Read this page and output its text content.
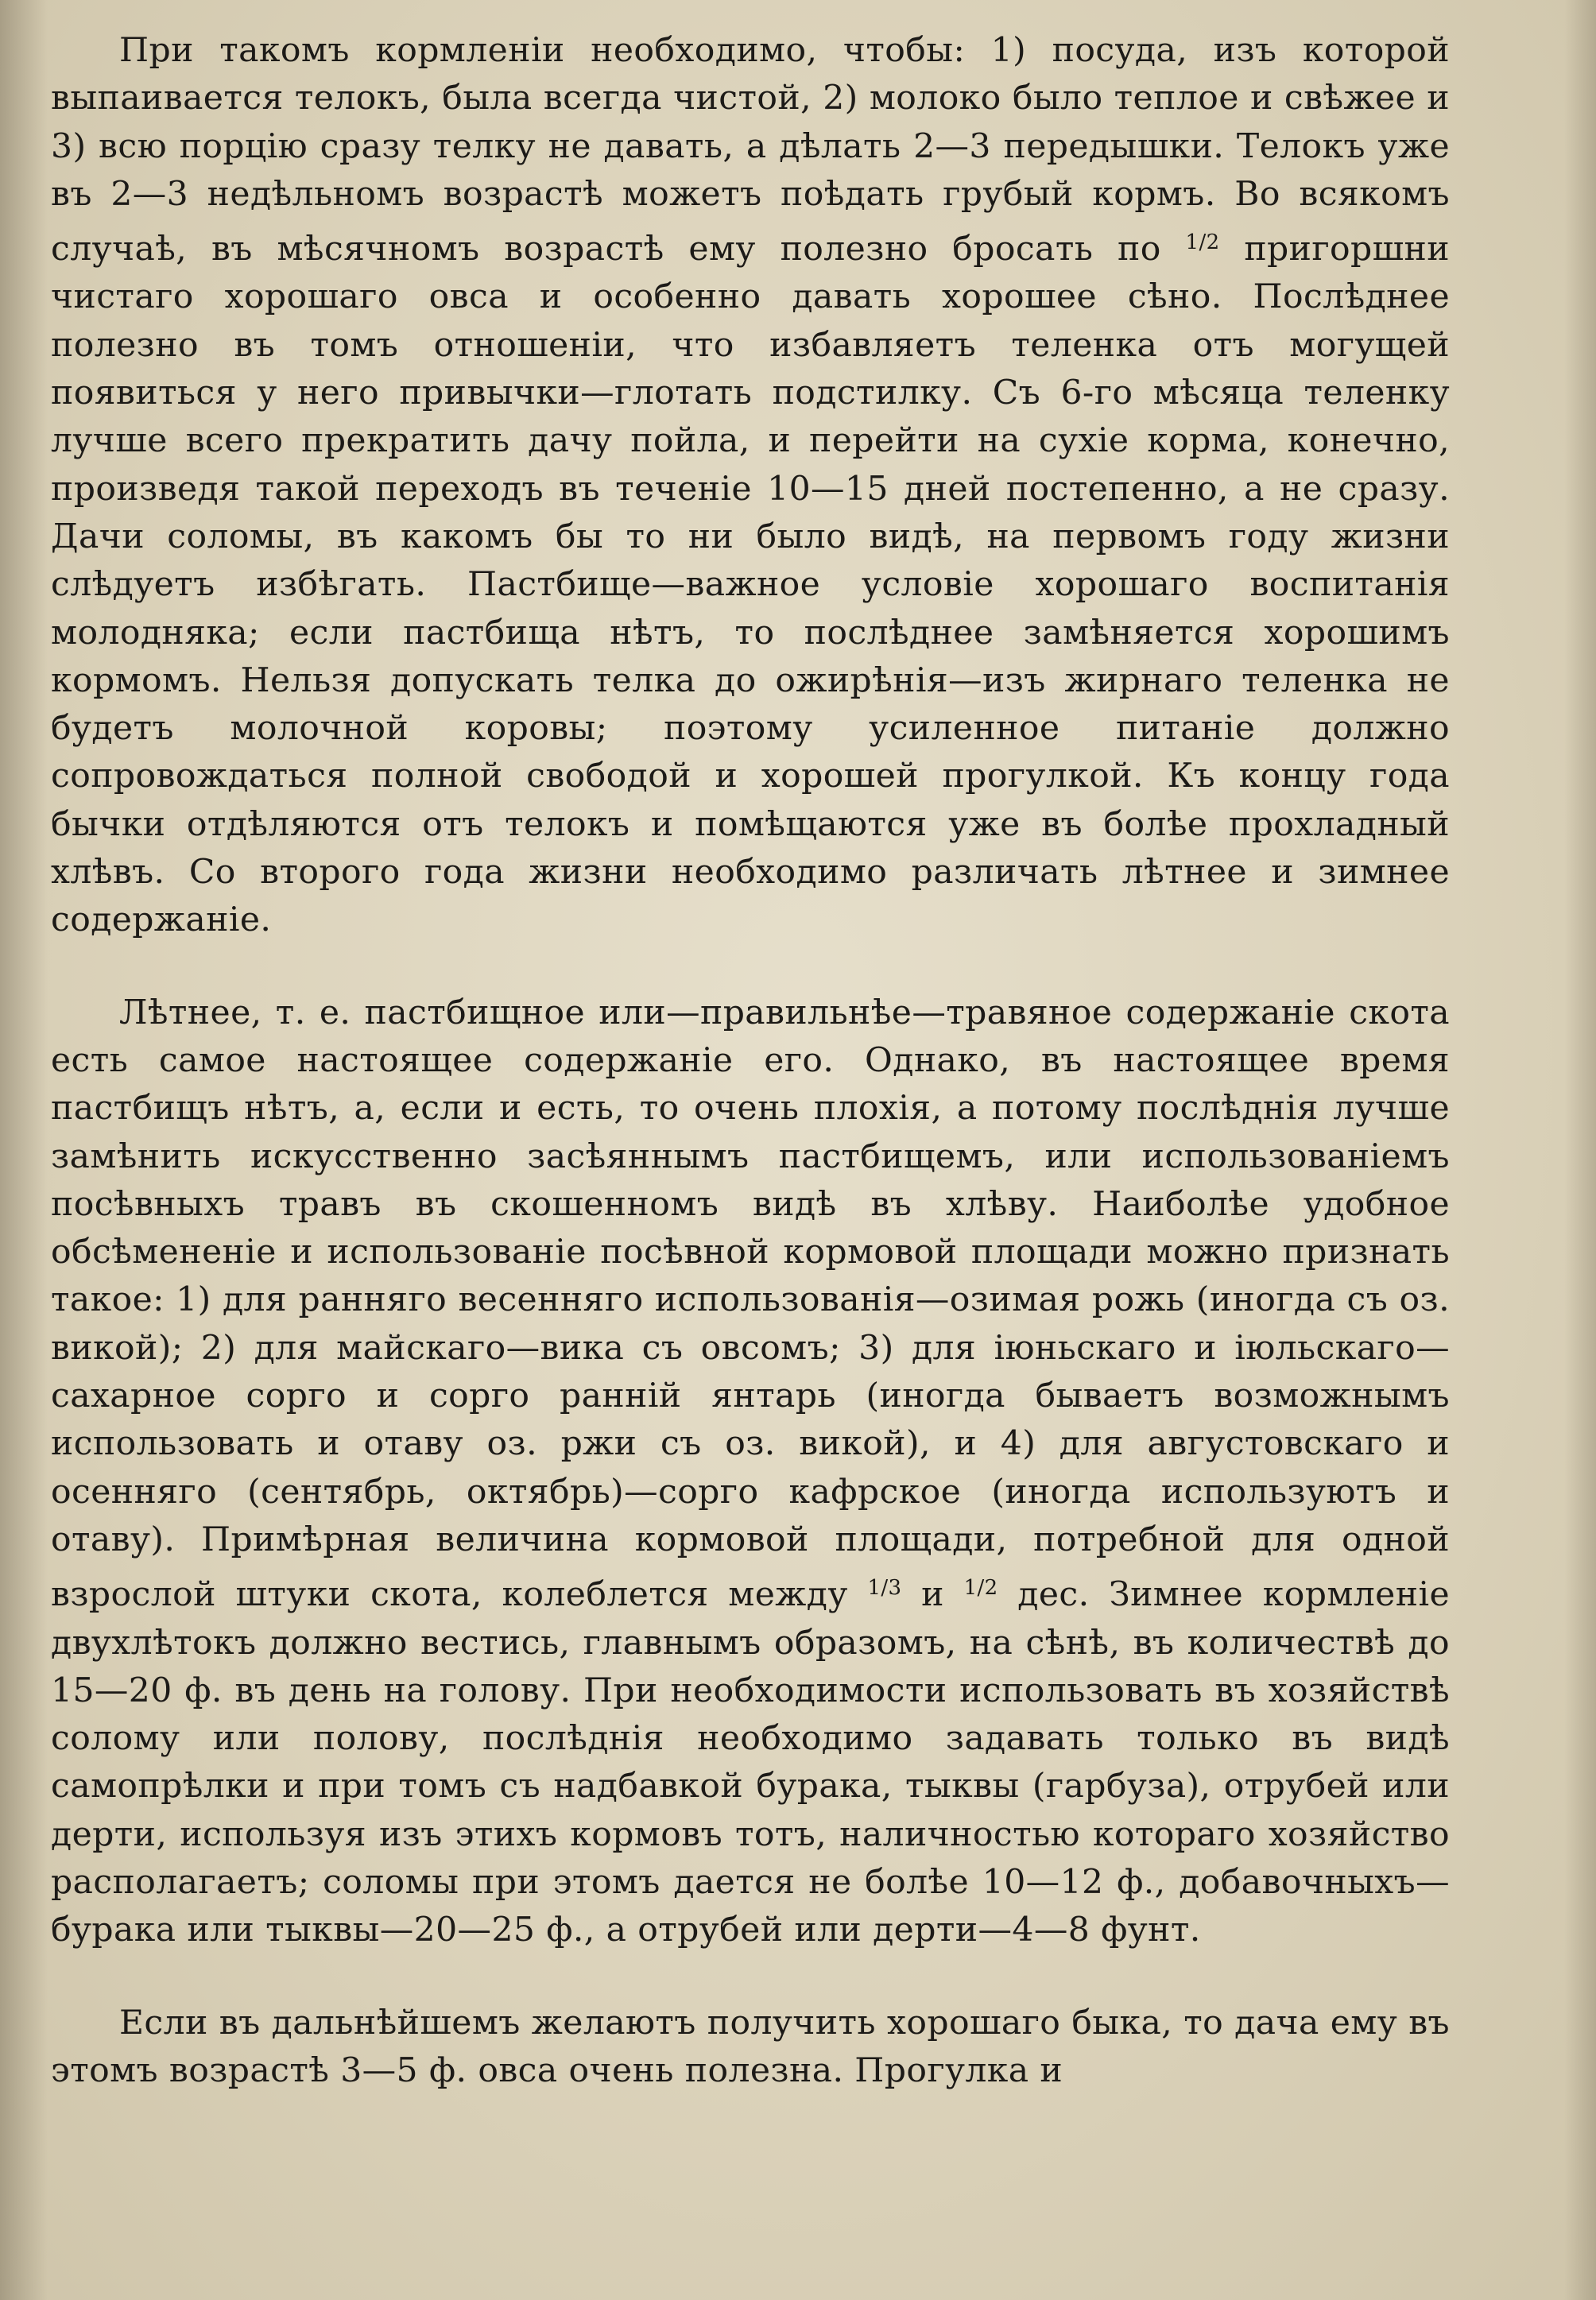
При такомъ кормленіи необходимо, чтобы: 1) посуда, изъ которой выпаивается телокъ, была всегда чистой, 2) молоко было теплое и свѣжее и 3) всю порцію сразу телку не давать, а дѣлать 2—3 передышки. Телокъ уже въ 2—3 недѣльномъ возрастѣ можетъ поѣдать грубый кормъ. Во всякомъ случаѣ, въ мѣсячномъ возрастѣ ему полезно бросать по $^{1/2}$ пригоршни чистаго хорошаго овса и особенно давать хорошее сѣно. Послѣднее полезно въ томъ отношеніи, что избавляетъ теленка отъ могущей появиться у него привычки—глотать подстилку. Съ 6-го мѣсяца теленку лучше всего прекратить дачу пойла, и перейти на сухіе корма, конечно, произведя такой переходъ въ теченіе 10—15 дней постепенно, а не сразу. Дачи соломы, въ какомъ бы то ни было видѣ, на первомъ году жизни слѣдуетъ избѣгать. Пастбище—важное условіе хорошаго воспитанія молодняка; если пастбища нѣтъ, то послѣднее замѣняется хорошимъ кормомъ. Нельзя допускать телка до ожирѣнія—изъ жирнаго теленка не будетъ молочной коровы; поэтому усиленное питаніе должно сопровождаться полной свободой и хорошей прогулкой. Къ концу года бычки отдѣляются отъ телокъ и помѣщаются уже въ болѣе прохладный хлѣвъ. Со второго года жизни необходимо различать лѣтнее и зимнее содержаніе.

Лѣтнее, т. е. пастбищное или—правильнѣе—травяное содержаніе скота есть самое настоящее содержаніе его. Однако, въ настоящее время пастбищъ нѣтъ, а, если и есть, то очень плохія, а потому послѣднія лучше замѣнить искусственно засѣяннымъ пастбищемъ, или использованіемъ посѣвныхъ травъ въ скошенномъ видѣ въ хлѣву. Наиболѣе удобное обсѣмененіе и использованіе посѣвной кормовой площади можно признать такое: 1) для ранняго весенняго использованія—озимая рожь (иногда съ оз. викой); 2) для майскаго—вика съ овсомъ; 3) для іюньскаго и іюльскаго—сахарное сорго и сорго ранній янтарь (иногда бываетъ возможнымъ использовать и отаву оз. ржи съ оз. викой), и 4) для августовскаго и осенняго (сентябрь, октябрь)—сорго кафрское (иногда используютъ и отаву). Примѣрная величина кормовой площади, потребной для одной взрослой штуки скота, колеблется между $^{1/3}$ и $^{1/2}$ дес. Зимнее кормленіе двухлѣтокъ должно вестись, главнымъ образомъ, на сѣнѣ, въ количествѣ до 15—20 ф. въ день на голову. При необходимости использовать въ хозяйствѣ солому или полову, послѣднія необходимо задавать только въ видѣ самопрѣлки и при томъ съ надбавкой бурака, тыквы (гарбуза), отрубей или дерти, используя изъ этихъ кормовъ тотъ, наличностью котораго хозяйство располагаетъ; соломы при этомъ дается не болѣе 10—12 ф., добавочныхъ—бурака или тыквы—20—25 ф., а отрубей или дерти—4—8 фунт.

Если въ дальнѣйшемъ желаютъ получить хорошаго быка, то дача ему въ этомъ возрастѣ 3—5 ф. овса очень полезна. Прогулка и
